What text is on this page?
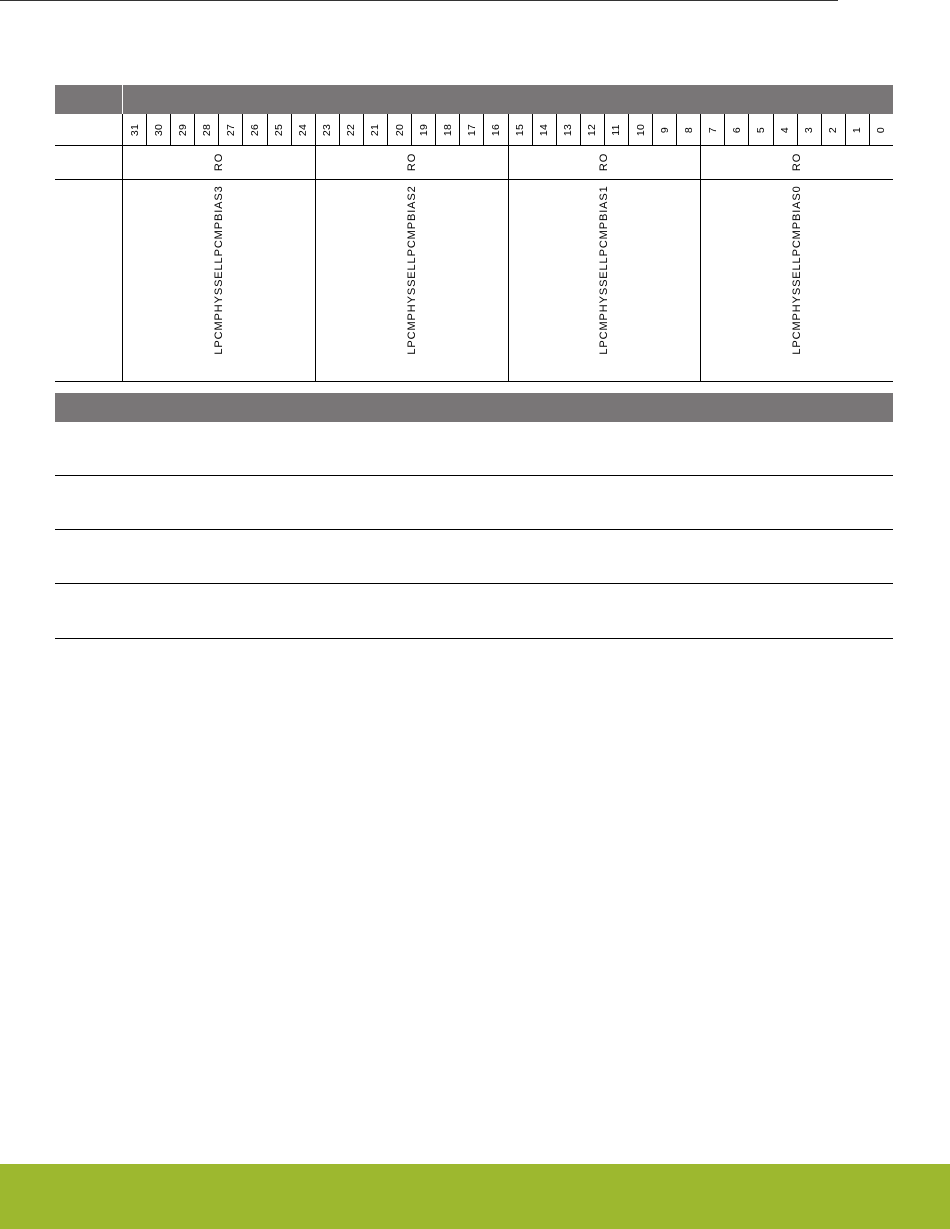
31 30 29 28 27 26 25 24 23 22 21 20 19 18 17 16 15 14 13 12 11 10 9 8 7 6 5 4 3 2 1 0
RO	RO	RO	RO
LPCMPHYSSELLPCMPBIAS3	LPCMPHYSSELLPCMPBIAS2	LPCMPHYSSELLPCMPBIAS1	LPCMPHYSSELLPCMPBIAS0
